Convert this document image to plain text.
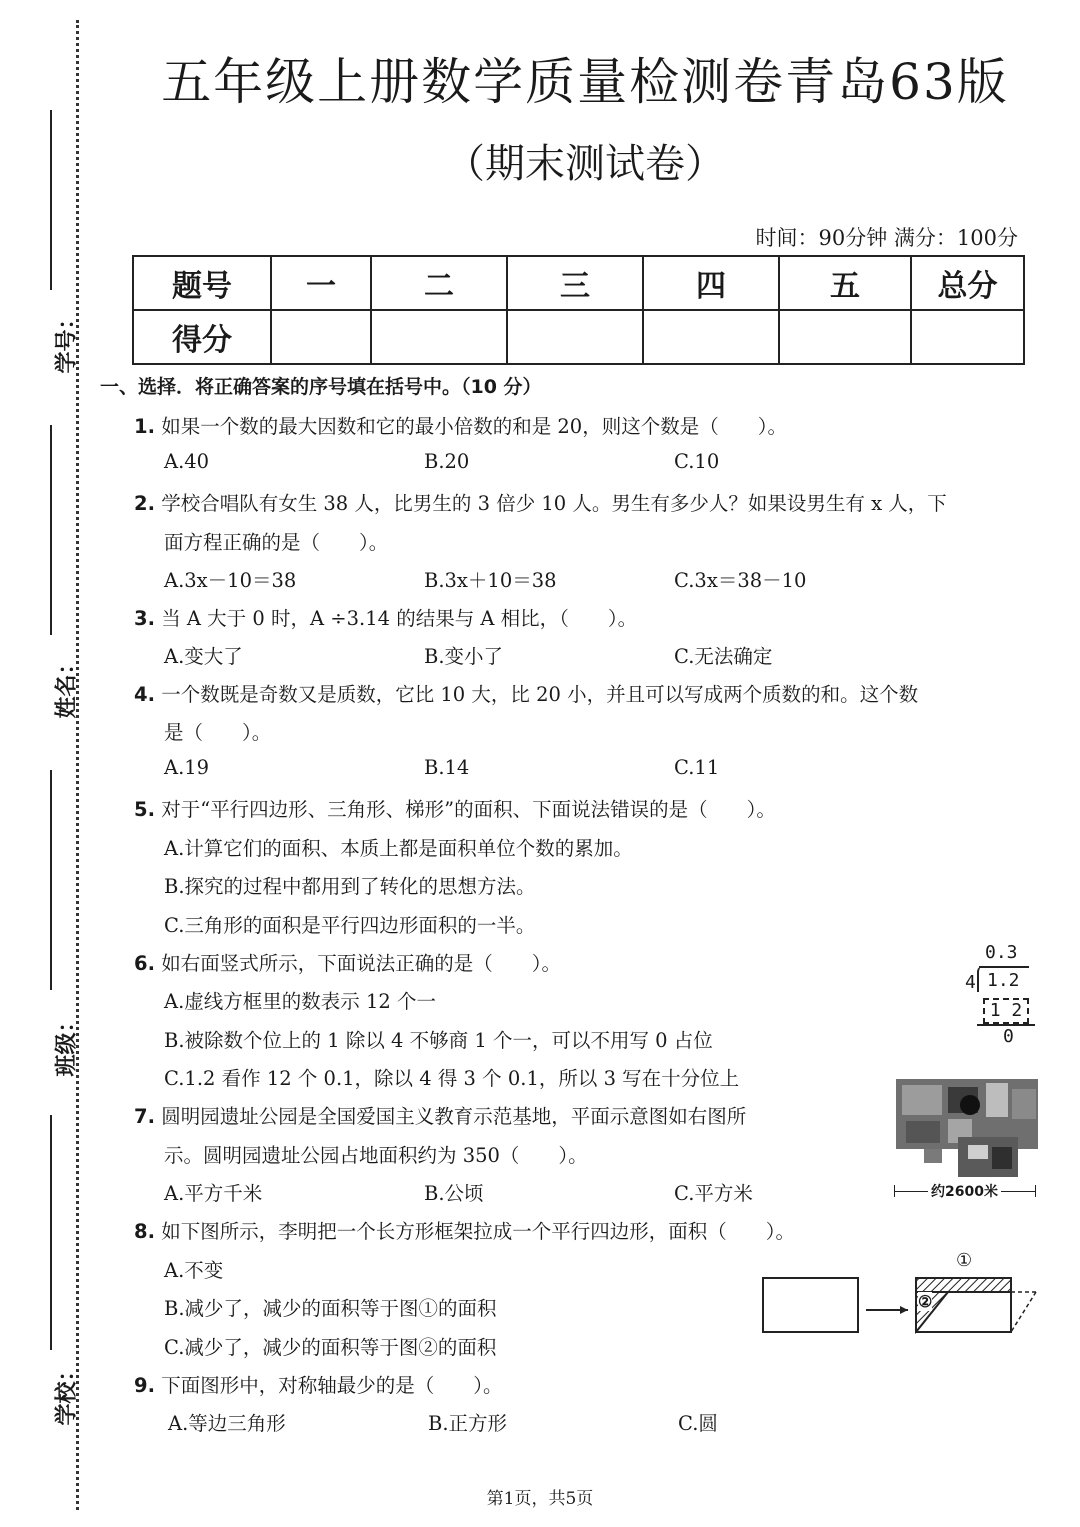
学号：
姓名：
班级：
学校：
五年级上册数学质量检测卷青岛63版
（期末测试卷）
时间：90分钟 满分：100分
题号	一	二	三	四	五	总分
得分						
一、选择．将正确答案的序号填在括号中。（10 分）
1. 如果一个数的最大因数和它的最小倍数的和是 20，则这个数是（　　）。
A.40	B.20	C.10
2. 学校合唱队有女生 38 人，比男生的 3 倍少 10 人。男生有多少人？如果设男生有 x 人，下
面方程正确的是（　　）。
A.3x－10＝38	B.3x＋10＝38	C.3x＝38－10
3. 当 A 大于 0 时，A ÷3.14 的结果与 A 相比，（　　）。
A.变大了	B.变小了	C.无法确定
4. 一个数既是奇数又是质数，它比 10 大，比 20 小，并且可以写成两个质数的和。这个数
是（　　）。
A.19	B.14	C.11
5. 对于“平行四边形、三角形、梯形”的面积、下面说法错误的是（　　）。
A.计算它们的面积、本质上都是面积单位个数的累加。
B.探究的过程中都用到了转化的思想方法。
C.三角形的面积是平行四边形面积的一半。
6. 如右面竖式所示，下面说法正确的是（　　）。
A.虚线方框里的数表示 12 个一
B.被除数个位上的 1 除以 4 不够商 1 个一，可以不用写 0 占位
C.1.2 看作 12 个 0.1，除以 4 得 3 个 0.1，所以 3 写在十分位上
0.3
4 1.2
1 2
0
7. 圆明园遗址公园是全国爱国主义教育示范基地，平面示意图如右图所
示。圆明园遗址公园占地面积约为 350（　　）。
A.平方千米	B.公顷	C.平方米	约2600米
8. 如下图所示，李明把一个长方形框架拉成一个平行四边形，面积（　　）。
A.不变
B.减少了，减少的面积等于图①的面积
C.减少了，减少的面积等于图②的面积
①
②
9. 下面图形中，对称轴最少的是（　　）。
A.等边三角形	B.正方形	C.圆
第1页，共5页
